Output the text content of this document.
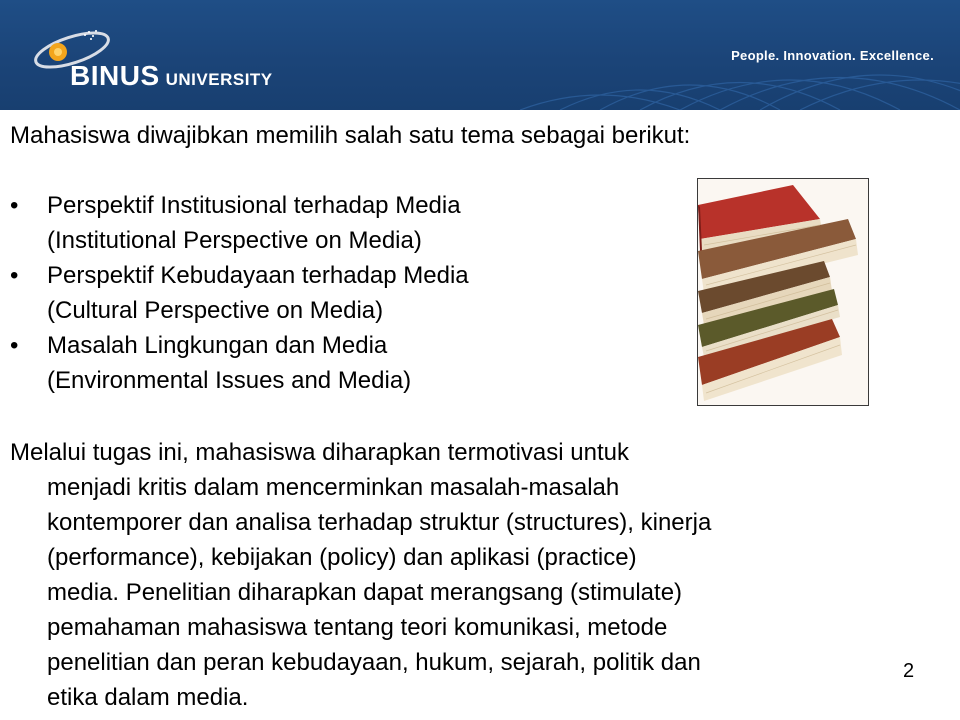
BINUS UNIVERSITY
People. Innovation. Excellence.
Mahasiswa diwajibkan memilih salah satu tema sebagai berikut:
• Perspektif Institusional terhadap Media
(Institutional Perspective on Media)
• Perspektif Kebudayaan terhadap Media
(Cultural Perspective on Media)
• Masalah Lingkungan dan Media
(Environmental Issues and Media)
Melalui tugas ini, mahasiswa diharapkan termotivasi untuk
menjadi kritis dalam mencerminkan masalah-masalah
kontemporer dan analisa terhadap struktur (structures), kinerja
(performance), kebijakan (policy) dan aplikasi (practice)
media. Penelitian diharapkan dapat merangsang (stimulate)
pemahaman mahasiswa tentang teori komunikasi, metode
penelitian dan peran kebudayaan, hukum, sejarah, politik dan
etika dalam media.
2
